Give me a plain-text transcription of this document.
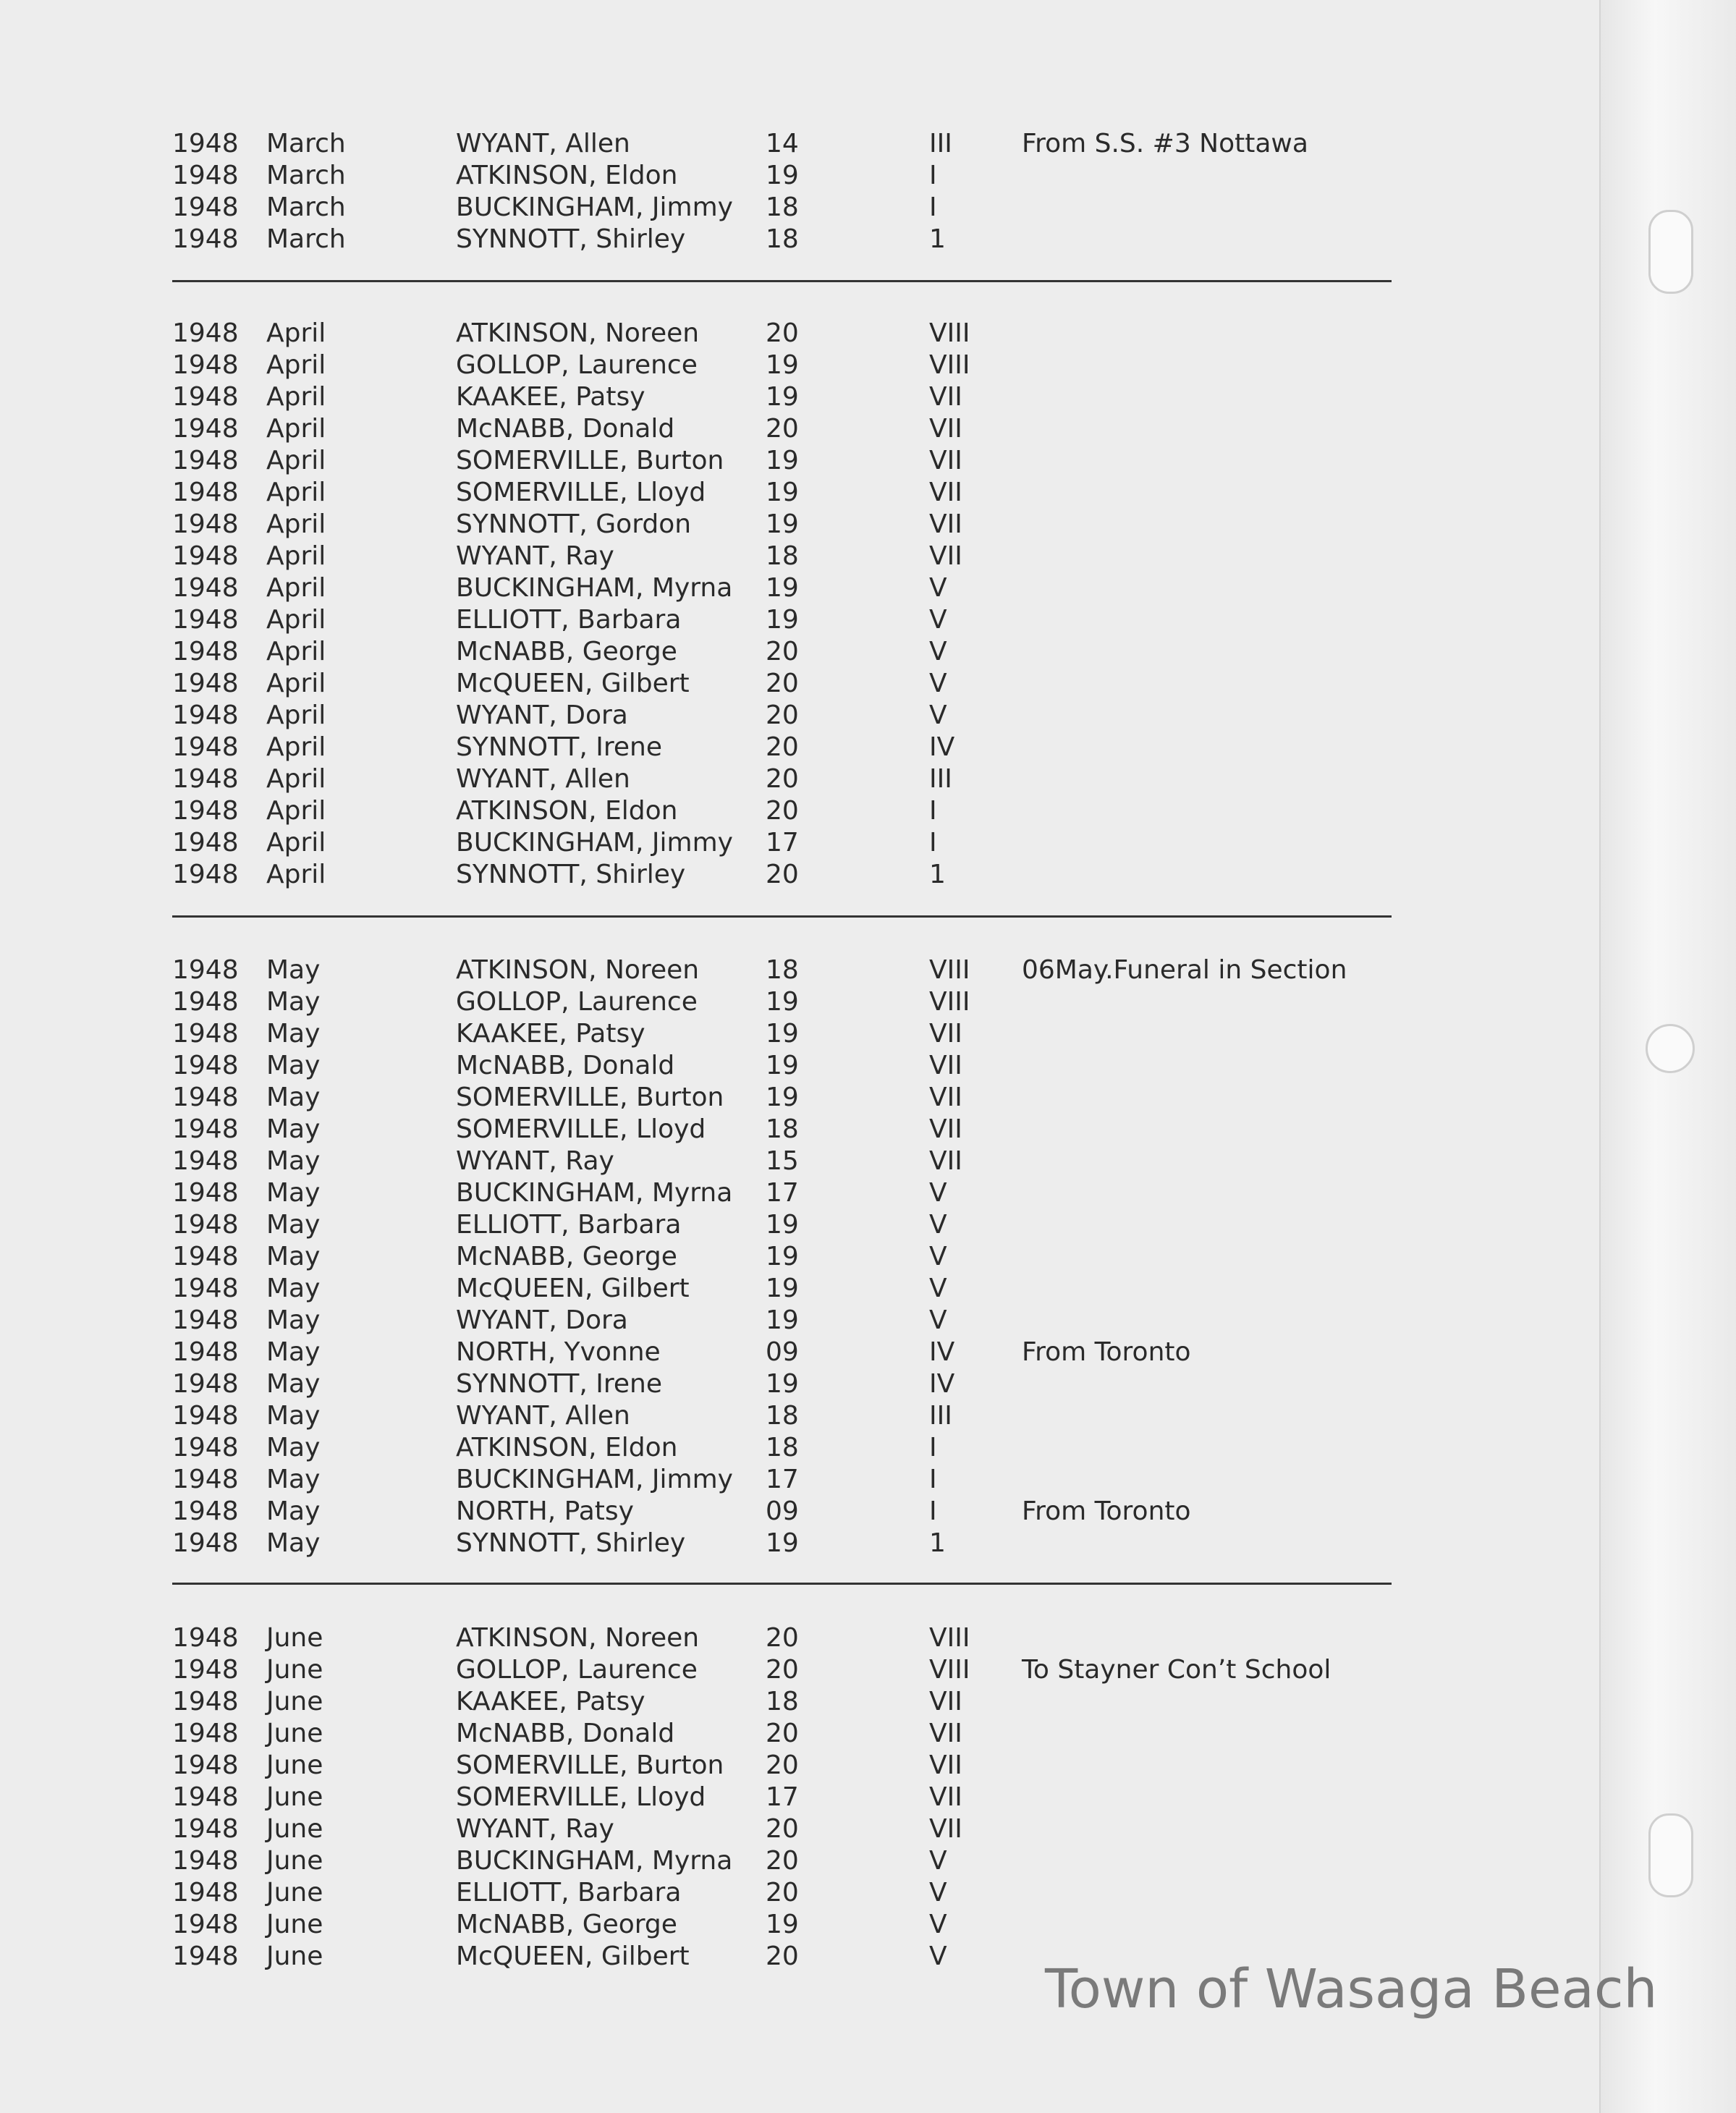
1948 March	WYANT, Allen	14	III	From S.S. #3 Nottawa
1948 March	ATKINSON, Eldon	19	I
1948 March	BUCKINGHAM, Jimmy 18	I
1948 March	SYNNOTT, Shirley	18	1
1948 April	ATKINSON, Noreen	20	VIII
1948 April	GOLLOP, Laurence	19	VIII
1948 April	KAAKEE, Patsy	19	VII
1948 April	McNABB, Donald	20	VII
1948 April	SOMERVILLE, Burton 19	VII
1948 April	SOMERVILLE, Lloyd 19	VII
1948 April	SYNNOTT, Gordon	19	VII
1948 April	WYANT, Ray	18	VII
1948 April	BUCKINGHAM, Myrna 19	V
1948 April	ELLIOTT, Barbara	19	V
1948 April	McNABB, George	20	V
1948 April	McQUEEN, Gilbert	20	V
1948 April	WYANT, Dora	20	V
1948 April	SYNNOTT, Irene	20	IV
1948 April	WYANT, Allen	20	III
1948 April	ATKINSON, Eldon	20	I
1948 April	BUCKINGHAM, Jimmy 17	I
1948 April	SYNNOTT, Shirley	20	1
1948 May	ATKINSON, Noreen	18	VIII 06May.Funeral in Section
1948 May	GOLLOP, Laurence	19	VIII
1948 May	KAAKEE, Patsy	19	VII
1948 May	McNABB, Donald	19	VII
1948 May	SOMERVILLE, Burton 19	VII
1948 May	SOMERVILLE, Lloyd 18	VII
1948 May	WYANT, Ray	15	VII
1948 May	BUCKINGHAM, Myrna 17	V
1948 May	ELLIOTT, Barbara	19	V
1948 May	McNABB, George	19	V
1948 May	McQUEEN, Gilbert	19	V
1948 May	WYANT, Dora	19	V
1948 May	NORTH, Yvonne	09	IV	From Toronto
1948 May	SYNNOTT, Irene	19	IV
1948 May	WYANT, Allen	18	III
1948 May	ATKINSON, Eldon	18	I
1948 May	BUCKINGHAM, Jimmy 17	I
1948 May	NORTH, Patsy	09	I	From Toronto
1948 May	SYNNOTT, Shirley	19	1
1948 June	ATKINSON, Noreen	20	VIII
1948 June	GOLLOP, Laurence	20	VIII To Stayner Con’t School
1948 June	KAAKEE, Patsy	18	VII
1948 June	McNABB, Donald	20	VII
1948 June	SOMERVILLE, Burton 20	VII
1948 June	SOMERVILLE, Lloyd 17	VII
1948 June	WYANT, Ray	20	VII
1948 June	BUCKINGHAM, Myrna 20	V
1948 June	ELLIOTT, Barbara	20	V
1948 June	McNABB, George	19	V
1948 June	McQUEEN, Gilbert	20	V
Town of Wasaga Beach
